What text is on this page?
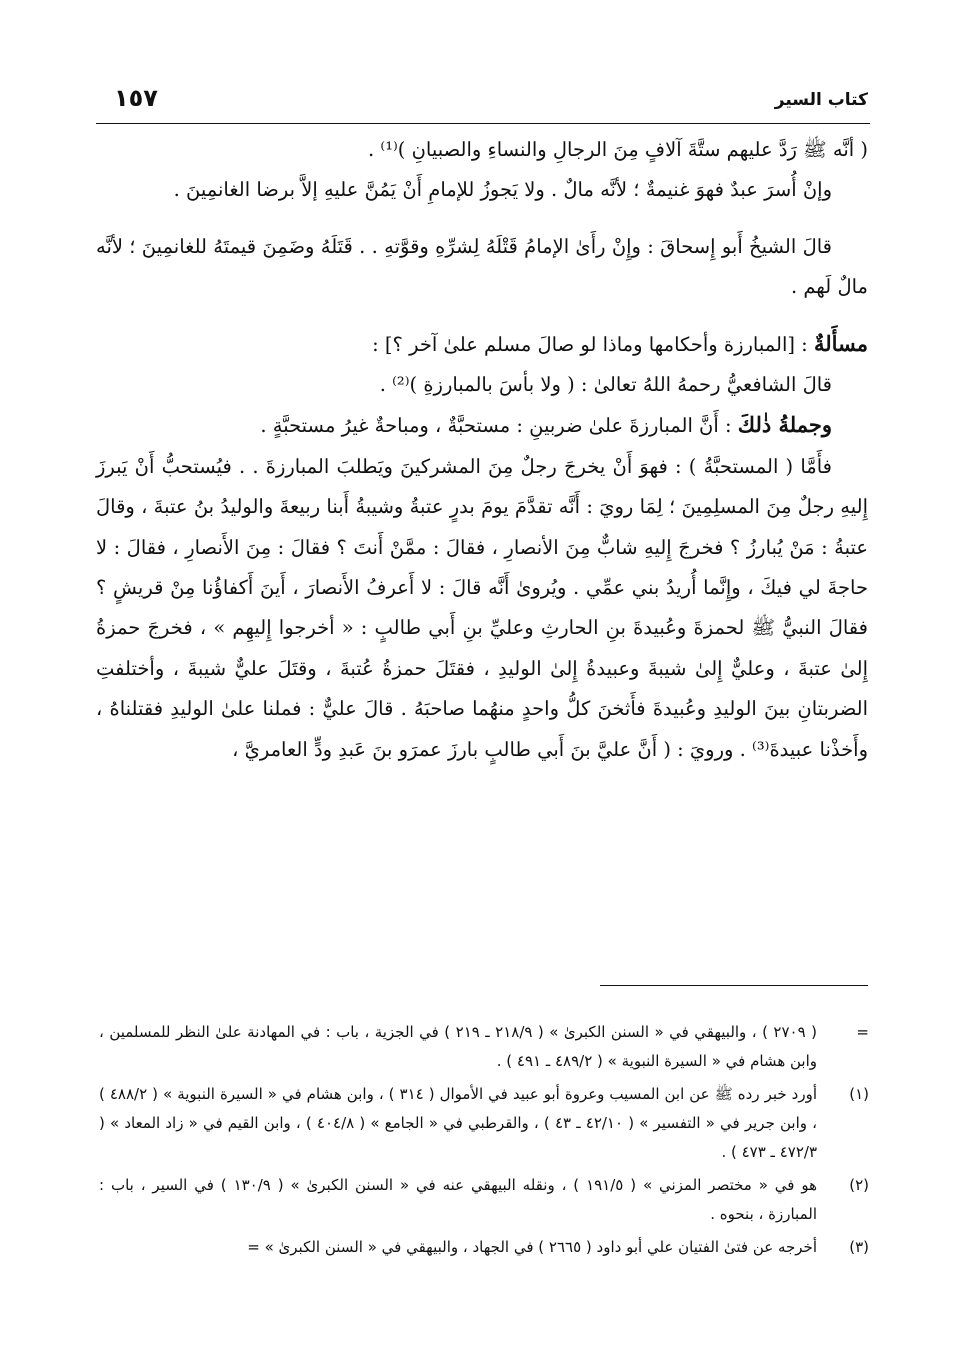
كتاب السير
١٥٧

( أنَّه ﷺ رَدَّ عليهم ستَّةَ آلافٍ مِنَ الرجالِ والنساءِ والصبيانِ )⁽¹⁾ .

وإنْ أُسرَ عبدٌ فهوَ غنيمةٌ ؛ لأنَّه مالٌ . ولا يَجوزُ للإمامِ أَنْ يَمُنَّ عليهِ إلاَّ برضا الغانمِينَ .

قالَ الشيخُ أَبو إِسحاقَ : وإِنْ رأَىٰ الإمامُ قَتْلَهُ لِشرِّهِ وقوَّتهِ . . قَتَلَهُ وضَمِنَ قيمتَهُ للغانمِينَ ؛ لأنَّه مالٌ لَهم .

مسأَلةٌ : [المبارزة وأحكامها وماذا لو صالَ مسلم علىٰ آخر ؟] :

قالَ الشافعيُّ رحمهُ اللهُ تعالىٰ : ( ولا بأسَ بالمبارزةِ )⁽²⁾ .

وجملةُ ذٰلكَ : أَنَّ المبارزةَ علىٰ ضربينِ : مستحبَّةٌ ، ومباحةٌ غيرُ مستحبَّةٍ .

فأَمَّا ( المستحبَّةُ ) : فهوَ أَنْ يخرجَ رجلٌ مِنَ المشركينَ ويَطلبَ المبارزةَ . . فيُستحبُّ أَنْ يَبرزَ إِليهِ رجلٌ مِنَ المسلِمِينَ ؛ لِمَا رويَ : أَنَّه تقدَّمَ يومَ بدرٍ عتبةُ وشيبةُ أَبنا ربيعةَ والوليدُ بنُ عتبةَ ، وقالَ عتبةُ : مَنْ يُبارزُ ؟ فخرجَ إِليهِ شابٌّ مِنَ الأنصارِ ، فقالَ : ممَّنْ أَنتَ ؟ فقالَ : مِنَ الأَنصارِ ، فقالَ : لا حاجةَ لي فيكَ ، وإِنَّما أُريدُ بني عمِّي . ويُروىٰ أَنَّه قالَ : لا أَعرفُ الأَنصارَ ، أَينَ أَكفاؤُنا مِنْ قريشٍ ؟ فقالَ النبيُّ ﷺ لحمزةَ وعُبيدةَ بنِ الحارثِ وعليِّ بنِ أَبي طالبٍ : « أخرجوا إِليهِم » ، فخرجَ حمزةُ إِلىٰ عتبةَ ، وعليٌّ إِلىٰ شيبةَ وعبيدةُ إِلىٰ الوليدِ ، فقتَلَ حمزةُ عُتبةَ ، وقتَلَ عليٌّ شيبةَ ، وأختلفتِ الضربتانِ بينَ الوليدِ وعُبيدةَ فأَثخنَ كلُّ واحدٍ منهُما صاحبَهُ . قالَ عليٌّ : فملنا علىٰ الوليدِ فقتلناهُ ، وأَخذْنا عبيدةَ⁽³⁾ . ورويَ : ( أَنَّ عليَّ بنَ أَبي طالبٍ بارزَ عمرَو بنَ عَبدِ ودٍّ العامريَّ ،

=
( ٢٧٠٩ ) ، والبيهقي في « السنن الكبرىٰ » ( ٢١٨/٩ ـ ٢١٩ ) في الجزية ، باب : في المهادنة علىٰ النظر للمسلمين ، وابن هشام في « السيرة النبوية » ( ٤٨٩/٢ ـ ٤٩١ ) .
(١)
أورد خبر رده ﷺ عن ابن المسيب وعروة أبو عبيد في الأموال ( ٣١٤ ) ، وابن هشام في « السيرة النبوية » ( ٤٨٨/٢ ) ، وابن جرير في « التفسير » ( ٤٢/١٠ ـ ٤٣ ) ، والقرطبي في « الجامع » ( ٤٠٤/٨ ) ، وابن القيم في « زاد المعاد » ( ٤٧٢/٣ ـ ٤٧٣ ) .
(٢)
هو في « مختصر المزني » ( ١٩١/٥ ) ، ونقله البيهقي عنه في « السنن الكبرىٰ » ( ١٣٠/٩ ) في السير ، باب : المبارزة ، بنحوه .
(٣)
أخرجه عن فتىٰ الفتيان علي أبو داود ( ٢٦٦٥ ) في الجهاد ، والبيهقي في « السنن الكبرىٰ » =
